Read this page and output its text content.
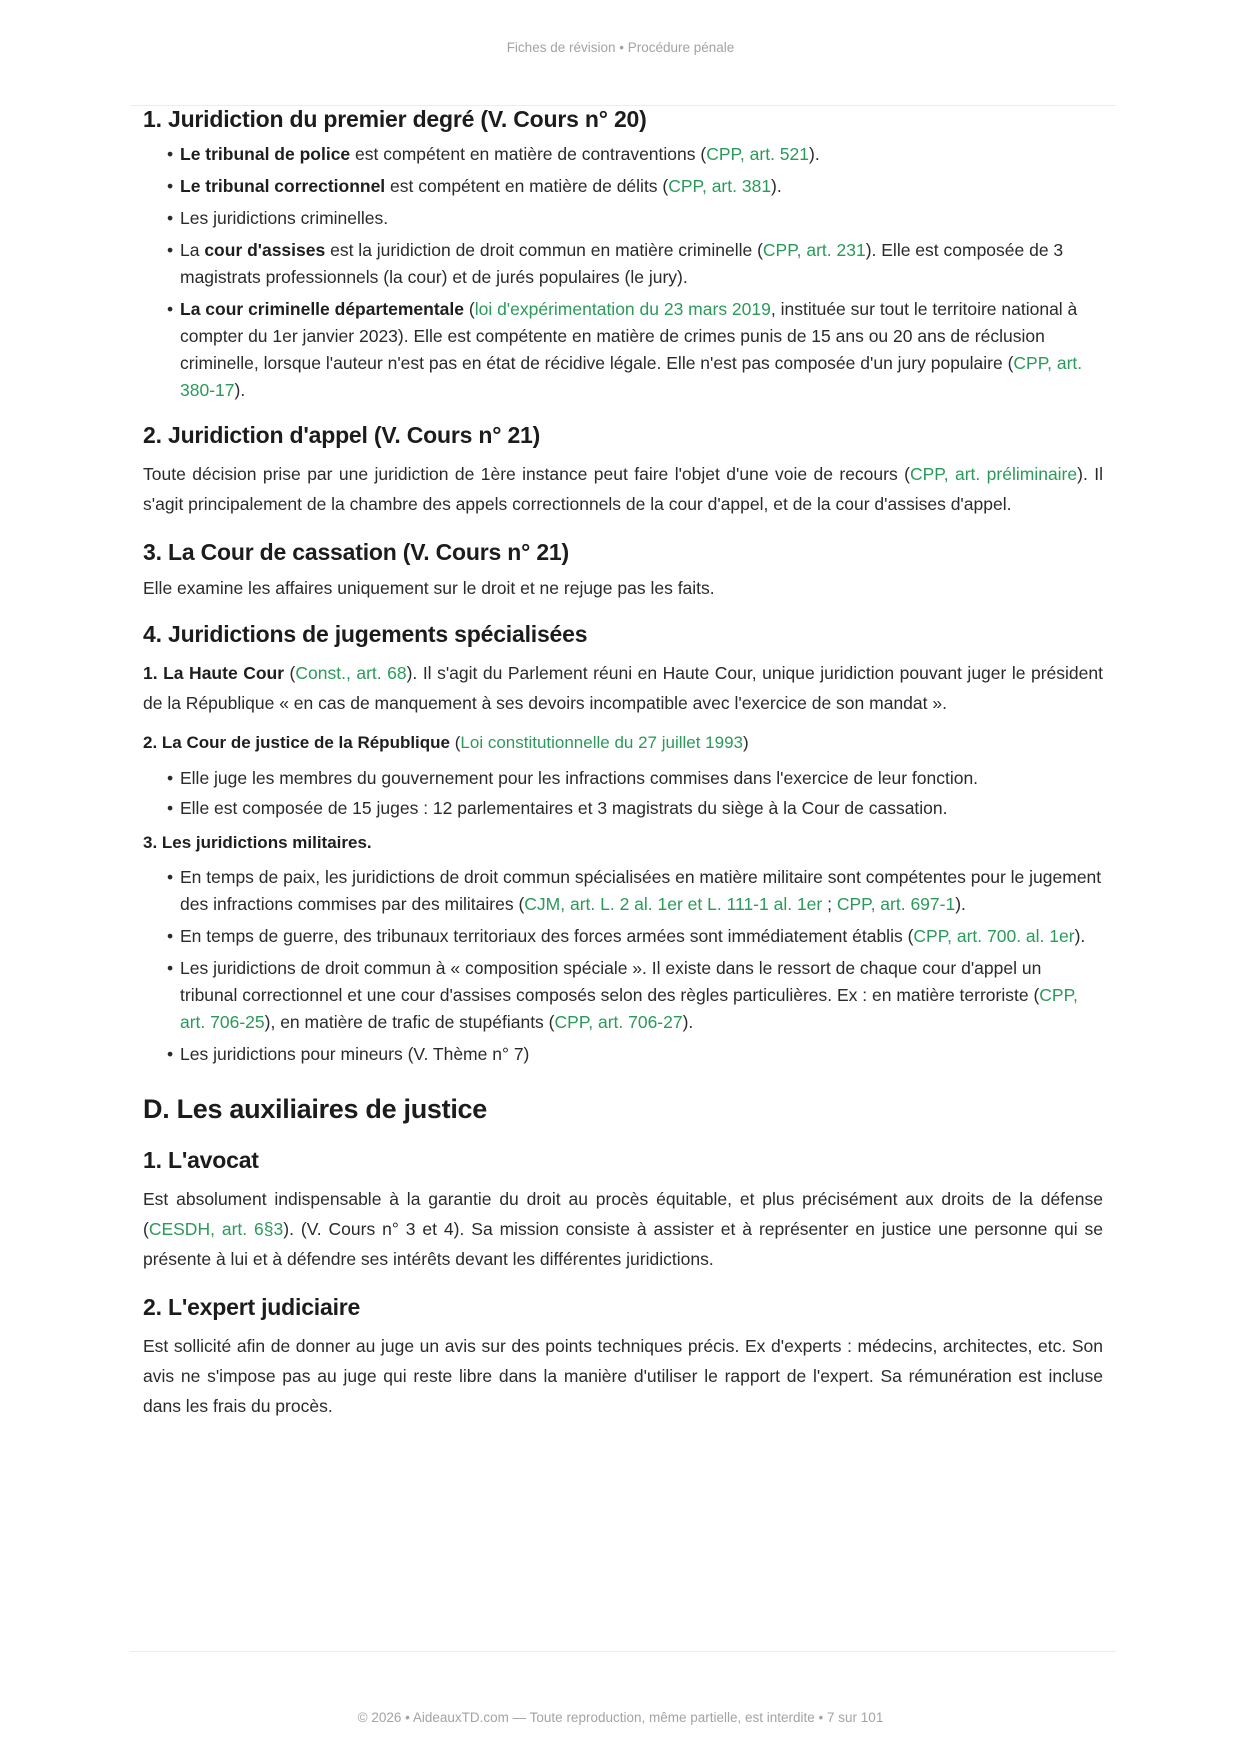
Fiches de révision • Procédure pénale
1. Juridiction du premier degré (V. Cours n° 20)
• Le tribunal de police est compétent en matière de contraventions (CPP, art. 521).
• Le tribunal correctionnel est compétent en matière de délits (CPP, art. 381).
• Les juridictions criminelles.
• La cour d'assises est la juridiction de droit commun en matière criminelle (CPP, art. 231). Elle est composée de 3 magistrats professionnels (la cour) et de jurés populaires (le jury).
• La cour criminelle départementale (loi d'expérimentation du 23 mars 2019, instituée sur tout le territoire national à compter du 1er janvier 2023). Elle est compétente en matière de crimes punis de 15 ans ou 20 ans de réclusion criminelle, lorsque l'auteur n'est pas en état de récidive légale. Elle n'est pas composée d'un jury populaire (CPP, art. 380-17).
2. Juridiction d'appel (V. Cours n° 21)

Toute décision prise par une juridiction de 1ère instance peut faire l'objet d'une voie de recours (CPP, art. préliminaire). Il s'agit principalement de la chambre des appels correctionnels de la cour d'appel, et de la cour d'assises d'appel.

3. La Cour de cassation (V. Cours n° 21)

Elle examine les affaires uniquement sur le droit et ne rejuge pas les faits.

4. Juridictions de jugements spécialisées

1. La Haute Cour (Const., art. 68). Il s'agit du Parlement réuni en Haute Cour, unique juridiction pouvant juger le président de la République « en cas de manquement à ses devoirs incompatible avec l'exercice de son mandat ».

2. La Cour de justice de la République (Loi constitutionnelle du 27 juillet 1993)

• Elle juge les membres du gouvernement pour les infractions commises dans l'exercice de leur fonction.
• Elle est composée de 15 juges : 12 parlementaires et 3 magistrats du siège à la Cour de cassation.

3. Les juridictions militaires.

• En temps de paix, les juridictions de droit commun spécialisées en matière militaire sont compétentes pour le jugement des infractions commises par des militaires (CJM, art. L. 2 al. 1er et L. 111-1 al. 1er ; CPP, art. 697-1).
• En temps de guerre, des tribunaux territoriaux des forces armées sont immédiatement établis (CPP, art. 700. al. 1er).
• Les juridictions de droit commun à « composition spéciale ». Il existe dans le ressort de chaque cour d'appel un tribunal correctionnel et une cour d'assises composés selon des règles particulières. Ex : en matière terroriste (CPP, art. 706-25), en matière de trafic de stupéfiants (CPP, art. 706-27).
• Les juridictions pour mineurs (V. Thème n° 7)
D. Les auxiliaires de justice
1. L'avocat

Est absolument indispensable à la garantie du droit au procès équitable, et plus précisément aux droits de la défense (CESDH, art. 6§3). (V. Cours n° 3 et 4). Sa mission consiste à assister et à représenter en justice une personne qui se présente à lui et à défendre ses intérêts devant les différentes juridictions.

2. L'expert judiciaire

Est sollicité afin de donner au juge un avis sur des points techniques précis. Ex d'experts : médecins, architectes, etc. Son avis ne s'impose pas au juge qui reste libre dans la manière d'utiliser le rapport de l'expert. Sa rémunération est incluse dans les frais du procès.

© 2026 • AideauxTD.com — Toute reproduction, même partielle, est interdite • 7 sur 101
